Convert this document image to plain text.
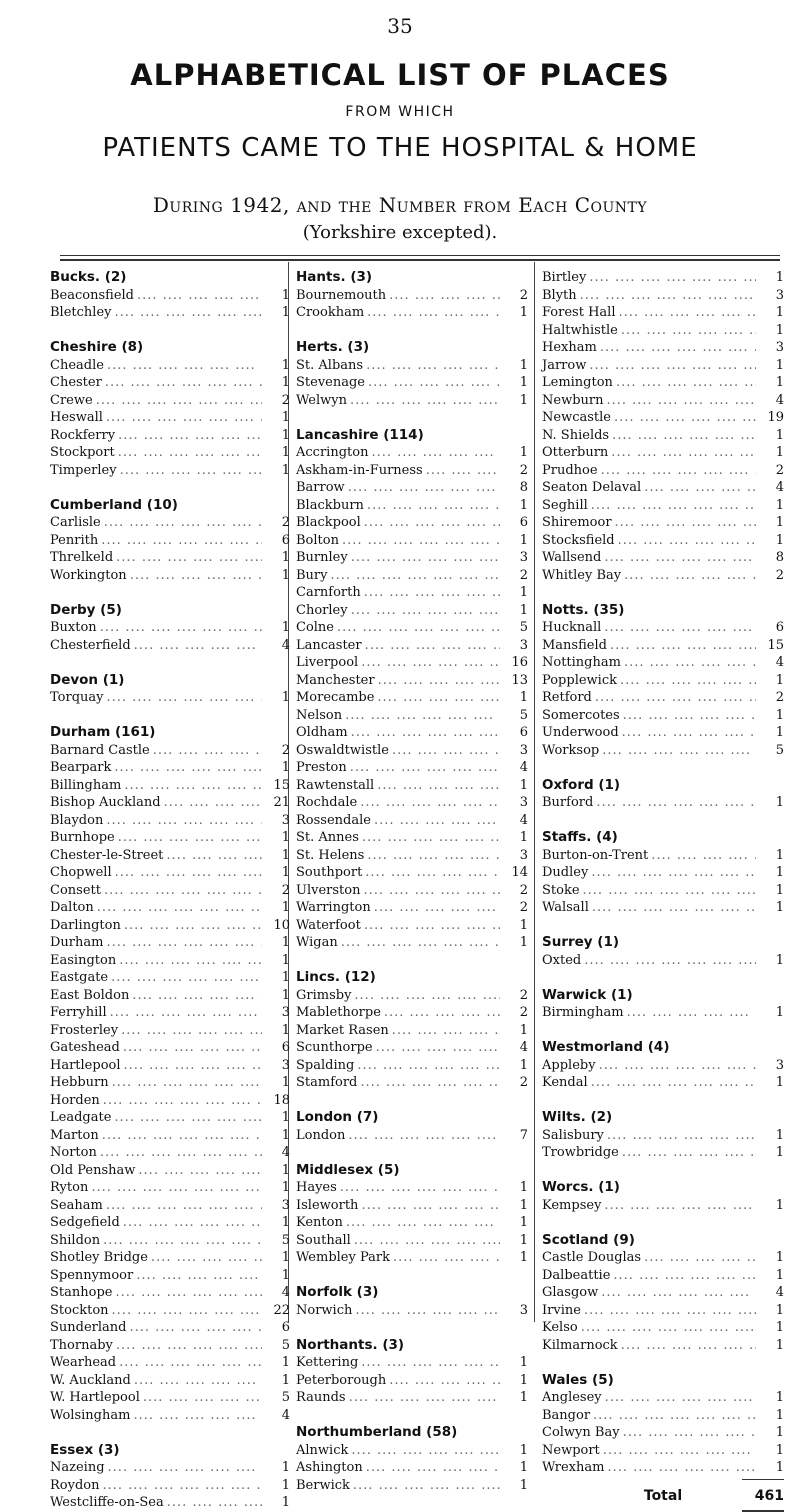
35
ALPHABETICAL LIST OF PLACES
FROM WHICH
PATIENTS CAME TO THE HOSPITAL & HOME
During 1942, and the Number from Each County
(Yorkshire excepted).
Bucks. (2)
Beaconsfield ....	1
Bletchley ....	1
Cheshire (8)
Cheadle ....	1
Chester ....	1
Crewe ....	2
Heswall ....	1
Rockferry ....	1
Stockport ....	1
Timperley ....	1
Cumberland (10)
Carlisle ....	2
Penrith ....	6
Threlkeld ....	1
Workington ....	1
Derby (5)
Buxton ....	1
Chesterfield ....	4
Devon (1)
Torquay ....	1
Durham (161)
Barnard Castle ....	2
Bearpark ....	1
Billingham ....	15
Bishop Auckland ....	21
Blaydon ....	3
Burnhope ....	1
Chester-le-Street ....	1
Chopwell ....	1
Consett ....	2
Dalton ....	1
Darlington ....	10
Durham ....	1
Easington ....	1
Eastgate ....	1
East Boldon ....	1
Ferryhill ....	3
Frosterley ....	1
Gateshead ....	6
Hartlepool ....	3
Hebburn ....	1
Horden ....	18
Leadgate ....	1
Marton ....	1
Norton ....	4
Old Penshaw ....	1
Ryton ....	1
Seaham ....	3
Sedgefield ....	1
Shildon ....	5
Shotley Bridge ....	1
Spennymoor ....	1
Stanhope ....	4
Stockton ....	22
Sunderland ....	6
Thornaby ....	5
Wearhead ....	1
W. Auckland ....	1
W. Hartlepool ....	5
Wolsingham ....	4
Essex (3)
Nazeing ....	1
Roydon ....	1
Westcliffe-on-Sea ....	1
Hants. (3)
Bournemouth ....	2
Crookham ....	1
Herts. (3)
St. Albans ....	1
Stevenage ....	1
Welwyn ....	1
Lancashire (114)
Accrington ....	1
Askham-in-Furness ....	2
Barrow ....	8
Blackburn ....	1
Blackpool ....	6
Bolton ....	1
Burnley ....	3
Bury ....	2
Carnforth ....	1
Chorley ....	1
Colne ....	5
Lancaster ....	3
Liverpool ....	16
Manchester ....	13
Morecambe ....	1
Nelson ....	5
Oldham ....	6
Oswaldtwistle ....	3
Preston ....	4
Rawtenstall ....	1
Rochdale ....	3
Rossendale ....	4
St. Annes ....	1
St. Helens ....	3
Southport ....	14
Ulverston ....	2
Warrington ....	2
Waterfoot ....	1
Wigan ....	1
Lincs. (12)
Grimsby ....	2
Mablethorpe ....	2
Market Rasen ....	1
Scunthorpe ....	4
Spalding ....	1
Stamford ....	2
London (7)
London ....	7
Middlesex (5)
Hayes ....	1
Isleworth ....	1
Kenton ....	1
Southall ....	1
Wembley Park ....	1
Norfolk (3)
Norwich ....	3
Northants. (3)
Kettering ....	1
Peterborough ....	1
Raunds ....	1
Northumberland (58)
Alnwick ....	1
Ashington ....	1
Berwick ....	1
Birtley ....	1
Blyth ....	3
Forest Hall ....	1
Haltwhistle ....	1
Hexham ....	3
Jarrow ....	1
Lemington ....	1
Newburn ....	4
Newcastle ....	19
N. Shields ....	1
Otterburn ....	1
Prudhoe ....	2
Seaton Delaval ....	4
Seghill ....	1
Shiremoor ....	1
Stocksfield ....	1
Wallsend ....	8
Whitley Bay ....	2
Notts. (35)
Hucknall ....	6
Mansfield ....	15
Nottingham ....	4
Popplewick ....	1
Retford ....	2
Somercotes ....	1
Underwood ....	1
Worksop ....	5
Oxford (1)
Burford ....	1
Staffs. (4)
Burton-on-Trent ....	1
Dudley ....	1
Stoke ....	1
Walsall ....	1
Surrey (1)
Oxted ....	1
Warwick (1)
Birmingham ....	1
Westmorland (4)
Appleby ....	3
Kendal ....	1
Wilts. (2)
Salisbury ....	1
Trowbridge ....	1
Worcs. (1)
Kempsey ....	1
Scotland (9)
Castle Douglas ....	1
Dalbeattie ....	1
Glasgow ....	4
Irvine ....	1
Kelso ....	1
Kilmarnock ....	1
Wales (5)
Anglesey ....	1
Bangor ....	1
Colwyn Bay ....	1
Newport ....	1
Wrexham ....	1
Total	461
